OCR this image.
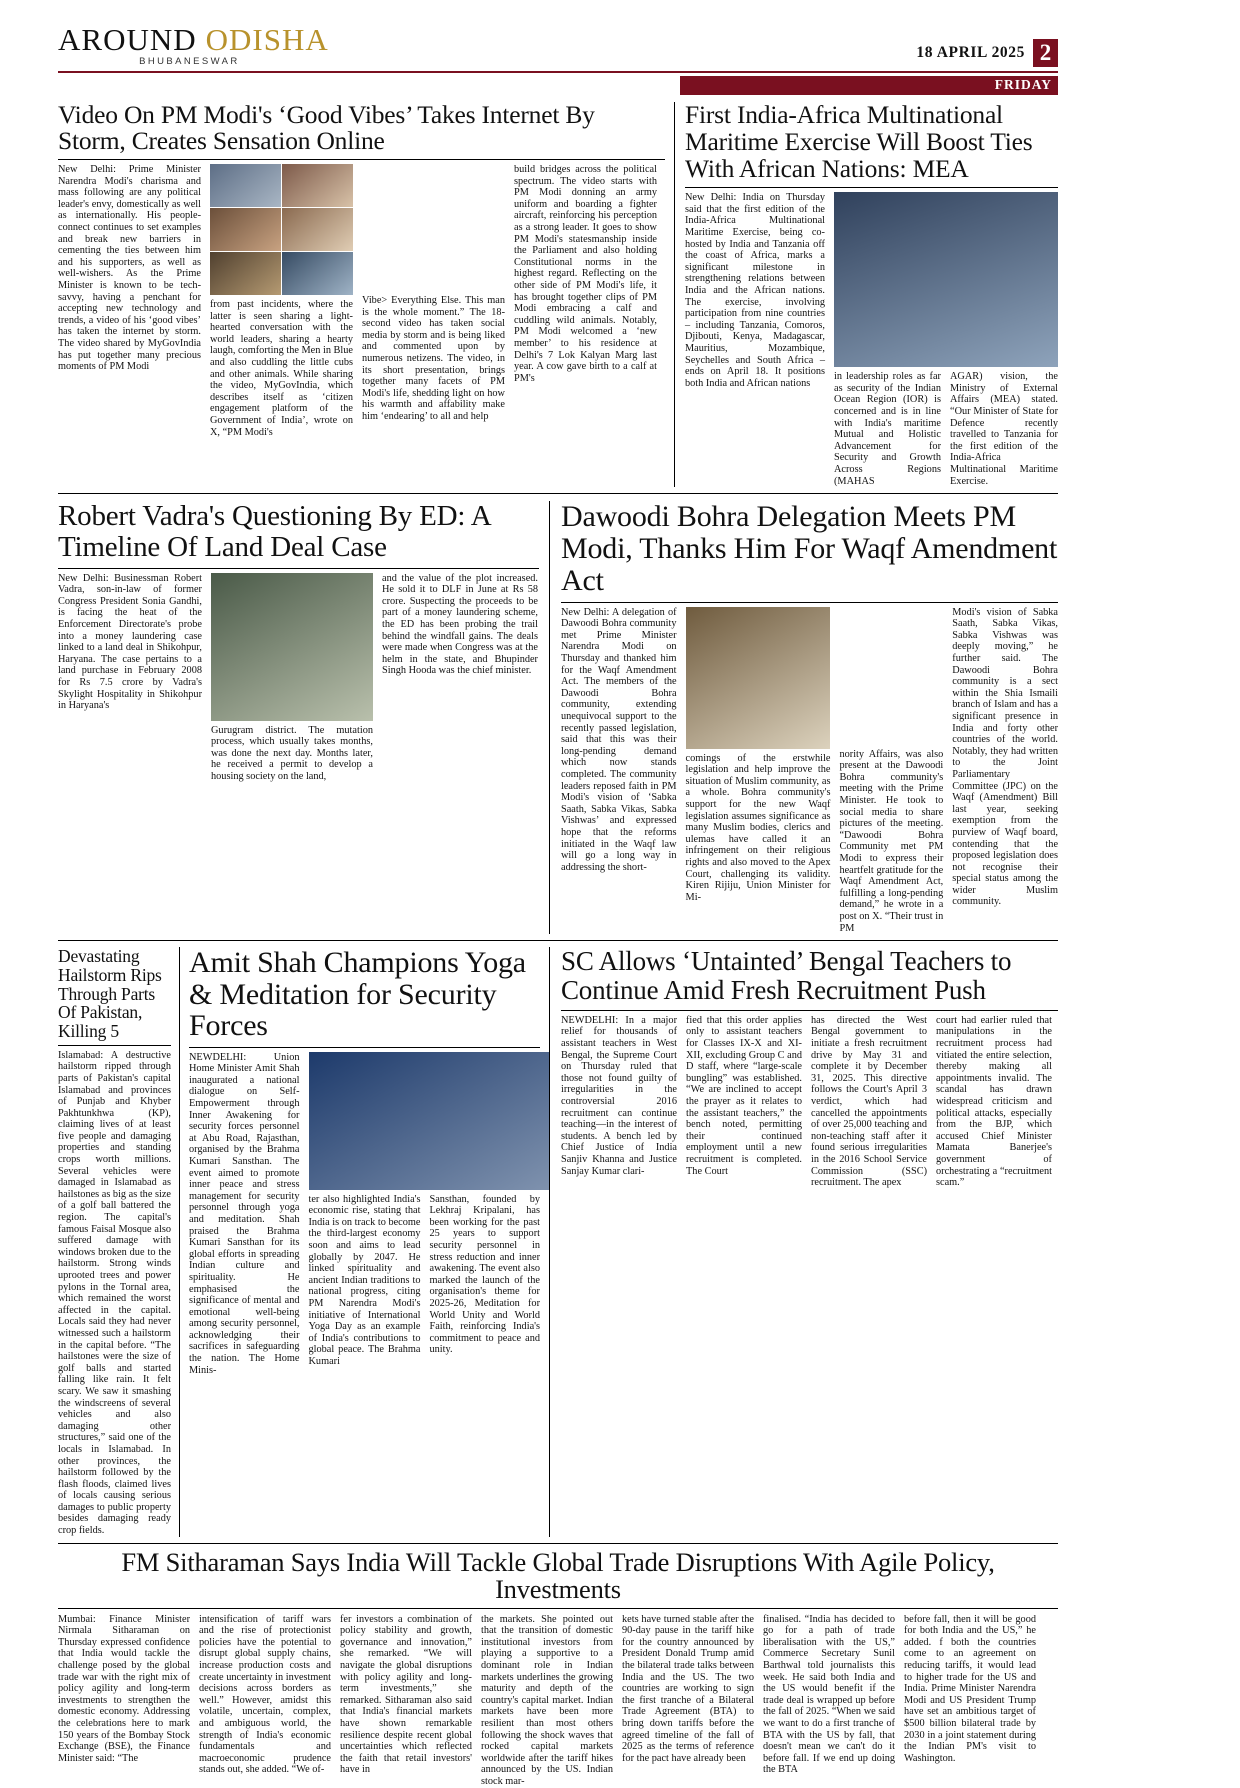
AROUND ODISHA
BHUBANESWAR
18 APRIL 2025 2
FRIDAY
Video On PM Modi's ‘Good Vibes’ Takes Internet By Storm, Creates Sensation Online

New Delhi: Prime Minister Narendra Modi's charisma and mass following are any political leader's envy, domestically as well as internationally. His people-connect continues to set examples and break new barriers in cementing the ties between him and his supporters, as well as well-wishers. As the Prime Minister is known to be tech-savvy, having a penchant for accepting new technology and trends, a video of his ‘good vibes’ has taken the internet by storm. The video shared by MyGovIndia has put together many precious moments of PM Modi

from past incidents, where the latter is seen sharing a light-hearted conversation with the world leaders, sharing a hearty laugh, comforting the Men in Blue and also cuddling the little cubs and other animals. While sharing the video, MyGovIndia, which describes itself as ‘citizen engagement platform of the Government of India’, wrote on X, “PM Modi's

Vibe> Everything Else. This man is the whole moment.” The 18-second video has taken social media by storm and is being liked and commented upon by numerous netizens. The video, in its short presentation, brings together many facets of PM Modi's life, shedding light on how his warmth and affability make him ‘endearing’ to all and help

build bridges across the political spectrum. The video starts with PM Modi donning an army uniform and boarding a fighter aircraft, reinforcing his perception as a strong leader. It goes to show PM Modi's statesmanship inside the Parliament and also holding Constitutional norms in the highest regard. Reflecting on the other side of PM Modi's life, it has brought together clips of PM Modi embracing a calf and cuddling wild animals. Notably, PM Modi welcomed a ‘new member’ to his residence at Delhi's 7 Lok Kalyan Marg last year. A cow gave birth to a calf at PM's

First India-Africa Multinational Maritime Exercise Will Boost Ties With African Nations: MEA

New Delhi: India on Thursday said that the first edition of the India-Africa Multinational Maritime Exercise, being co-hosted by India and Tanzania off the coast of Africa, marks a significant milestone in strengthening relations between India and the African nations. The exercise, involving participation from nine countries – including Tanzania, Comoros, Djibouti, Kenya, Madagascar, Mauritius, Mozambique, Seychelles and South Africa – ends on April 18. It positions both India and African nations

in leadership roles as far as security of the Indian Ocean Region (IOR) is concerned and is in line with India's maritime Mutual and Holistic Advancement for Security and Growth Across Regions (MAHAS

AGAR) vision, the Ministry of External Affairs (MEA) stated. “Our Minister of State for Defence recently travelled to Tanzania for the first edition of the India-Africa Multinational Maritime Exercise.

Robert Vadra's Questioning By ED: A Timeline Of Land Deal Case

New Delhi: Businessman Robert Vadra, son-in-law of former Congress President Sonia Gandhi, is facing the heat of the Enforcement Directorate's probe into a money laundering case linked to a land deal in Shikohpur, Haryana. The case pertains to a land purchase in February 2008 for Rs 7.5 crore by Vadra's Skylight Hospitality in Shikohpur in Haryana's

Gurugram district. The mutation process, which usually takes months, was done the next day. Months later, he received a permit to develop a housing society on the land,

and the value of the plot increased. He sold it to DLF in June at Rs 58 crore. Suspecting the proceeds to be part of a money laundering scheme, the ED has been probing the trail behind the windfall gains. The deals were made when Congress was at the helm in the state, and Bhupinder Singh Hooda was the chief minister.

Dawoodi Bohra Delegation Meets PM Modi, Thanks Him For Waqf Amendment Act

New Delhi: A delegation of Dawoodi Bohra community met Prime Minister Narendra Modi on Thursday and thanked him for the Waqf Amendment Act. The members of the Dawoodi Bohra community, extending unequivocal support to the recently passed legislation, said that this was their long-pending demand which now stands completed. The community leaders reposed faith in PM Modi's vision of ‘Sabka Saath, Sabka Vikas, Sabka Vishwas’ and expressed hope that the reforms initiated in the Waqf law will go a long way in addressing the short-

comings of the erstwhile legislation and help improve the situation of Muslim community, as a whole. Bohra community's support for the new Waqf legislation assumes significance as many Muslim bodies, clerics and ulemas have called it an infringement on their religious rights and also moved to the Apex Court, challenging its validity. Kiren Rijiju, Union Minister for Mi-

nority Affairs, was also present at the Dawoodi Bohra community's meeting with the Prime Minister. He took to social media to share pictures of the meeting. “Dawoodi Bohra Community met PM Modi to express their heartfelt gratitude for the Waqf Amendment Act, fulfilling a long-pending demand,” he wrote in a post on X. “Their trust in PM

Modi's vision of Sabka Saath, Sabka Vikas, Sabka Vishwas was deeply moving,” he further said. The Dawoodi Bohra community is a sect within the Shia Ismaili branch of Islam and has a significant presence in India and forty other countries of the world. Notably, they had written to the Joint Parliamentary Committee (JPC) on the Waqf (Amendment) Bill last year, seeking exemption from the purview of Waqf board, contending that the proposed legislation does not recognise their special status among the wider Muslim community.

Devastating Hailstorm Rips Through Parts Of Pakistan, Killing 5

Islamabad: A destructive hailstorm ripped through parts of Pakistan's capital Islamabad and provinces of Punjab and Khyber Pakhtunkhwa (KP), claiming lives of at least five people and damaging properties and standing crops worth millions. Several vehicles were damaged in Islamabad as hailstones as big as the size of a golf ball battered the region. The capital's famous Faisal Mosque also suffered damage with windows broken due to the hailstorm. Strong winds uprooted trees and power pylons in the Tornal area, which remained the worst affected in the capital. Locals said they had never witnessed such a hailstorm in the capital before. “The hailstones were the size of golf balls and started falling like rain. It felt scary. We saw it smashing the windscreens of several vehicles and also damaging other structures,” said one of the locals in Islamabad. In other provinces, the hailstorm followed by the flash floods, claimed lives of locals causing serious damages to public property besides damaging ready crop fields.

Amit Shah Champions Yoga & Meditation for Security Forces

NEWDELHI: Union Home Minister Amit Shah inaugurated a national dialogue on Self-Empowerment through Inner Awakening for security forces personnel at Abu Road, Rajasthan, organised by the Brahma Kumari Sansthan. The event aimed to promote inner peace and stress management for security personnel through yoga and meditation. Shah praised the Brahma Kumari Sansthan for its global efforts in spreading Indian culture and spirituality. He emphasised the significance of mental and emotional well-being among security personnel, acknowledging their sacrifices in safeguarding the nation. The Home Minis-

ter also highlighted India's economic rise, stating that India is on track to become the third-largest economy soon and aims to lead globally by 2047. He linked spirituality and ancient Indian traditions to national progress, citing PM Narendra Modi's initiative of International Yoga Day as an example of India's contributions to global peace. The Brahma Kumari

Sansthan, founded by Lekhraj Kripalani, has been working for the past 25 years to support security personnel in stress reduction and inner awakening. The event also marked the launch of the organisation's theme for 2025-26, Meditation for World Unity and World Faith, reinforcing India's commitment to peace and unity.

SC Allows ‘Untainted’ Bengal Teachers to Continue Amid Fresh Recruitment Push

NEWDELHI: In a major relief for thousands of assistant teachers in West Bengal, the Supreme Court on Thursday ruled that those not found guilty of irregularities in the controversial 2016 recruitment can continue teaching—in the interest of students. A bench led by Chief Justice of India Sanjiv Khanna and Justice Sanjay Kumar clari-

fied that this order applies only to assistant teachers for Classes IX-X and XI-XII, excluding Group C and D staff, where “large-scale bungling” was established. “We are inclined to accept the prayer as it relates to the assistant teachers,” the bench noted, permitting their continued employment until a new recruitment is completed. The Court

has directed the West Bengal government to initiate a fresh recruitment drive by May 31 and complete it by December 31, 2025. This directive follows the Court's April 3 verdict, which had cancelled the appointments of over 25,000 teaching and non-teaching staff after it found serious irregularities in the 2016 School Service Commission (SSC) recruitment. The apex

court had earlier ruled that manipulations in the recruitment process had vitiated the entire selection, thereby making all appointments invalid. The scandal has drawn widespread criticism and political attacks, especially from the BJP, which accused Chief Minister Mamata Banerjee's government of orchestrating a “recruitment scam.”

FM Sitharaman Says India Will Tackle Global Trade Disruptions With Agile Policy, Investments

Mumbai: Finance Minister Nirmala Sitharaman on Thursday expressed confidence that India would tackle the challenge posed by the global trade war with the right mix of policy agility and long-term investments to strengthen the domestic economy. Addressing the celebrations here to mark 150 years of the Bombay Stock Exchange (BSE), the Finance Minister said: “The

intensification of tariff wars and the rise of protectionist policies have the potential to disrupt global supply chains, increase production costs and create uncertainty in investment decisions across borders as well.” However, amidst this volatile, uncertain, complex, and ambiguous world, the strength of India's economic fundamentals and macroeconomic prudence stands out, she added. “We of-

fer investors a combination of policy stability and growth, governance and innovation,” she remarked. “We will navigate the global disruptions with policy agility and long-term investments,” she remarked. Sitharaman also said that India's financial markets have shown remarkable resilience despite recent global uncertainties which reflected the faith that retail investors' have in

the markets. She pointed out that the transition of domestic institutional investors from playing a supportive to a dominant role in Indian markets underlines the growing maturity and depth of the country's capital market. Indian markets have been more resilient than most others following the shock waves that rocked capital markets worldwide after the tariff hikes announced by the US. Indian stock mar-

kets have turned stable after the 90-day pause in the tariff hike for the country announced by President Donald Trump amid the bilateral trade talks between India and the US. The two countries are working to sign the first tranche of a Bilateral Trade Agreement (BTA) to bring down tariffs before the agreed timeline of the fall of 2025 as the terms of reference for the pact have already been

finalised. “India has decided to go for a path of trade liberalisation with the US,” Commerce Secretary Sunil Barthwal told journalists this week. He said both India and the US would benefit if the trade deal is wrapped up before the fall of 2025. “When we said we want to do a first tranche of BTA with the US by fall, that doesn't mean we can't do it before fall. If we end up doing the BTA

before fall, then it will be good for both India and the US,” he added. f both the countries come to an agreement on reducing tariffs, it would lead to higher trade for the US and India. Prime Minister Narendra Modi and US President Trump have set an ambitious target of $500 billion bilateral trade by 2030 in a joint statement during the Indian PM's visit to Washington.
